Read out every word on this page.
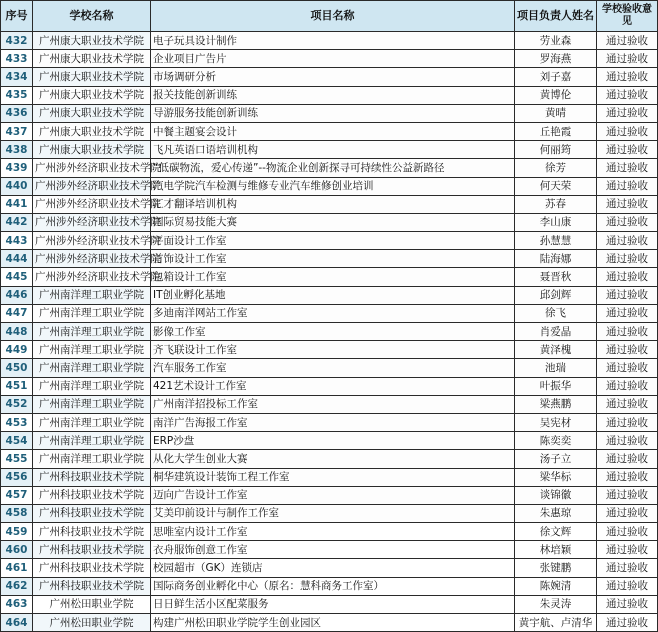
序号	学校名称	项目名称	项目负责人姓名	学校验收意见
432	广州康大职业技术学院	电子玩具设计制作	劳业森	通过验收
433	广州康大职业技术学院	企业项目广告片	罗海燕	通过验收
434	广州康大职业技术学院	市场调研分析	刘子嘉	通过验收
435	广州康大职业技术学院	报关技能创新训练	黄博伦	通过验收
436	广州康大职业技术学院	导游服务技能创新训练	黄晴	通过验收
437	广州康大职业技术学院	中餐主题宴会设计	丘艳霞	通过验收
438	广州康大职业技术学院	飞凡英语口语培训机构	何丽筠	通过验收
439	广州涉外经济职业技术学院	“低碳物流，爱心传递”--物流企业创新探寻可持续性公益新路径	徐芳	通过验收
440	广州涉外经济职业技术学院	汽电学院汽车检测与维修专业汽车维修创业培训	何天荣	通过验收
441	广州涉外经济职业技术学院	汇才翻译培训机构	苏春	通过验收
442	广州涉外经济职业技术学院	国际贸易技能大赛	李山康	通过验收
443	广州涉外经济职业技术学院	平面设计工作室	孙慧慧	通过验收
444	广州涉外经济职业技术学院	首饰设计工作室	陆海娜	通过验收
445	广州涉外经济职业技术学院	包箱设计工作室	聂晋秋	通过验收
446	广州南洋理工职业学院	IT创业孵化基地	邱剑辉	通过验收
447	广州南洋理工职业学院	多迪南洋网站工作室	徐飞	通过验收
448	广州南洋理工职业学院	影像工作室	肖爱晶	通过验收
449	广州南洋理工职业学院	齐飞联设计工作室	黄泽槐	通过验收
450	广州南洋理工职业学院	汽车服务工作室	池瑞	通过验收
451	广州南洋理工职业学院	421艺术设计工作室	叶振华	通过验收
452	广州南洋理工职业学院	广州南洋招投标工作室	梁燕鹏	通过验收
453	广州南洋理工职业学院	南洋广告海报工作室	吴宪材	通过验收
454	广州南洋理工职业学院	ERP沙盘	陈奕奕	通过验收
455	广州南洋理工职业学院	从化大学生创业大赛	汤子立	通过验收
456	广州科技职业技术学院	桐华建筑设计装饰工程工作室	梁华标	通过验收
457	广州科技职业技术学院	迈向广告设计工作室	谈锦徽	通过验收
458	广州科技职业技术学院	艾美印前设计与制作工作室	朱惠琼	通过验收
459	广州科技职业技术学院	思唯室内设计工作室	徐文辉	通过验收
460	广州科技职业技术学院	衣舟服饰创意工作室	林培颖	通过验收
461	广州科技职业技术学院	校园超市（GK）连锁店	张键鹏	通过验收
462	广州科技职业技术学院	国际商务创业孵化中心（原名：慧科商务工作室）	陈婉清	通过验收
463	广州松田职业学院	日日鲜生活小区配菜服务	朱灵涛	通过验收
464	广州松田职业学院	构建广州松田职业学院学生创业园区	黄宇航、卢清华	通过验收
